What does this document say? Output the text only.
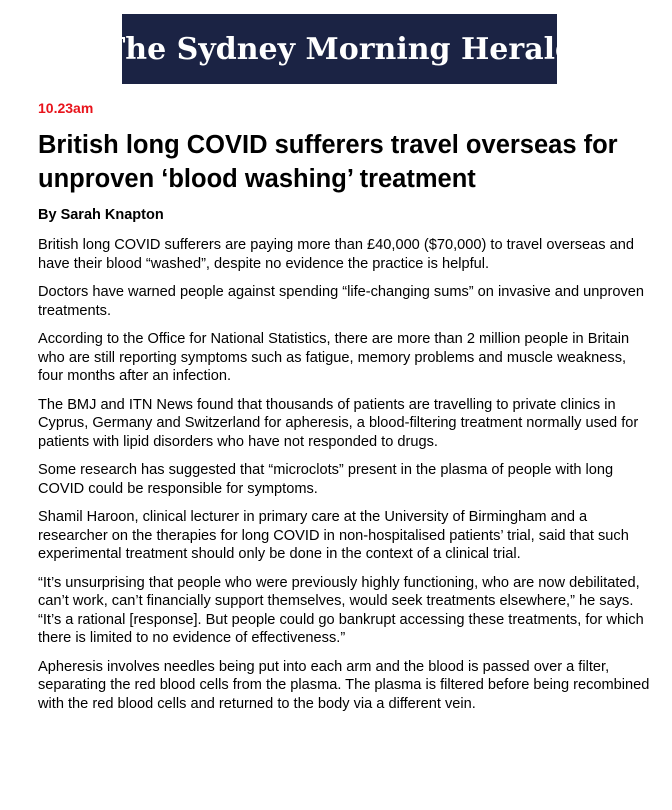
The Sydney Morning Herald
10.23am
British long COVID sufferers travel overseas for unproven ‘blood washing’ treatment
By Sarah Knapton

British long COVID sufferers are paying more than £40,000 ($70,000) to travel overseas and have their blood “washed”, despite no evidence the practice is helpful.

Doctors have warned people against spending “life-changing sums” on invasive and unproven treatments.

According to the Office for National Statistics, there are more than 2 million people in Britain who are still reporting symptoms such as fatigue, memory problems and muscle weakness, four months after an infection.

The BMJ and ITN News found that thousands of patients are travelling to private clinics in Cyprus, Germany and Switzerland for apheresis, a blood-filtering treatment normally used for patients with lipid disorders who have not responded to drugs.

Some research has suggested that “microclots” present in the plasma of people with long COVID could be responsible for symptoms.

Shamil Haroon, clinical lecturer in primary care at the University of Birmingham and a researcher on the therapies for long COVID in non-hospitalised patients’ trial, said that such experimental treatment should only be done in the context of a clinical trial.

“It’s unsurprising that people who were previously highly functioning, who are now debilitated, can’t work, can’t financially support themselves, would seek treatments elsewhere,” he says. “It’s a rational [response]. But people could go bankrupt accessing these treatments, for which there is limited to no evidence of effectiveness.”

Apheresis involves needles being put into each arm and the blood is passed over a filter, separating the red blood cells from the plasma. The plasma is filtered before being recombined with the red blood cells and returned to the body via a different vein.
